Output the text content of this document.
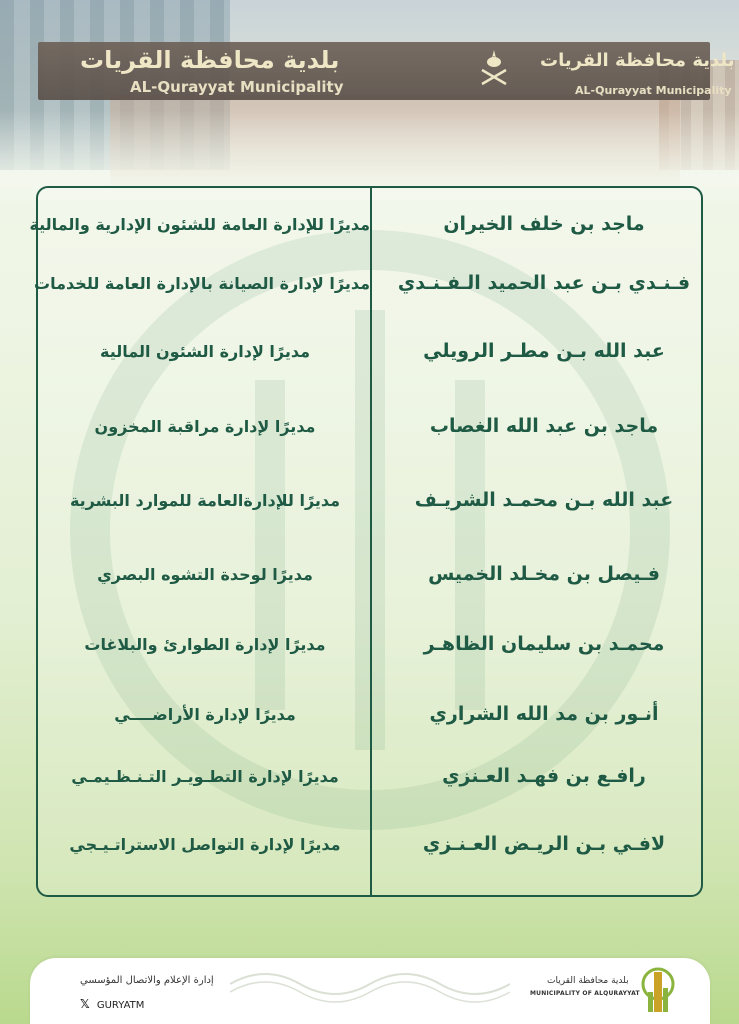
بلدية محافظة القريات
AL-Qurayyat Municipality
بلدية محافظة القريات
AL-Qurayyat Municipality
ماجد بن خلف الخيران
مديرًا للإدارة العامة للشئون الإدارية والمالية
فـنـدي بـن عبد الحميد الـفـنـدي
مديرًا لإدارة الصيانة بالإدارة العامة للخدمات
عبد الله بـن مطـر الرويلي
مديرًا لإدارة الشئون المالية
ماجد بن عبد الله الغصاب
مديرًا لإدارة مراقبة المخزون
عبد الله بـن محمـد الشريـف
مديرًا للإدارةالعامة للموارد البشرية
فـيصل بن مخـلد الخميس
مديرًا لوحدة التشوه البصري
محمـد بن سليمان الظاهـر
مديرًا لإدارة الطوارئ والبلاغات
أنـور بن مد الله الشراري
مديرًا لإدارة الأراضــــي
رافـع بن فهـد العـنزي
مديرًا لإدارة التطـويـر التـنـظـيمـي
لافـي بـن الريـض العـنـزي
مديرًا لإدارة التواصل الاستراتـيـجي
إدارة الإعلام والاتصال المؤسسي
𝕏 GURYATM
بلدية محافظة القريات
MUNICIPALITY OF ALQURAYYAT
